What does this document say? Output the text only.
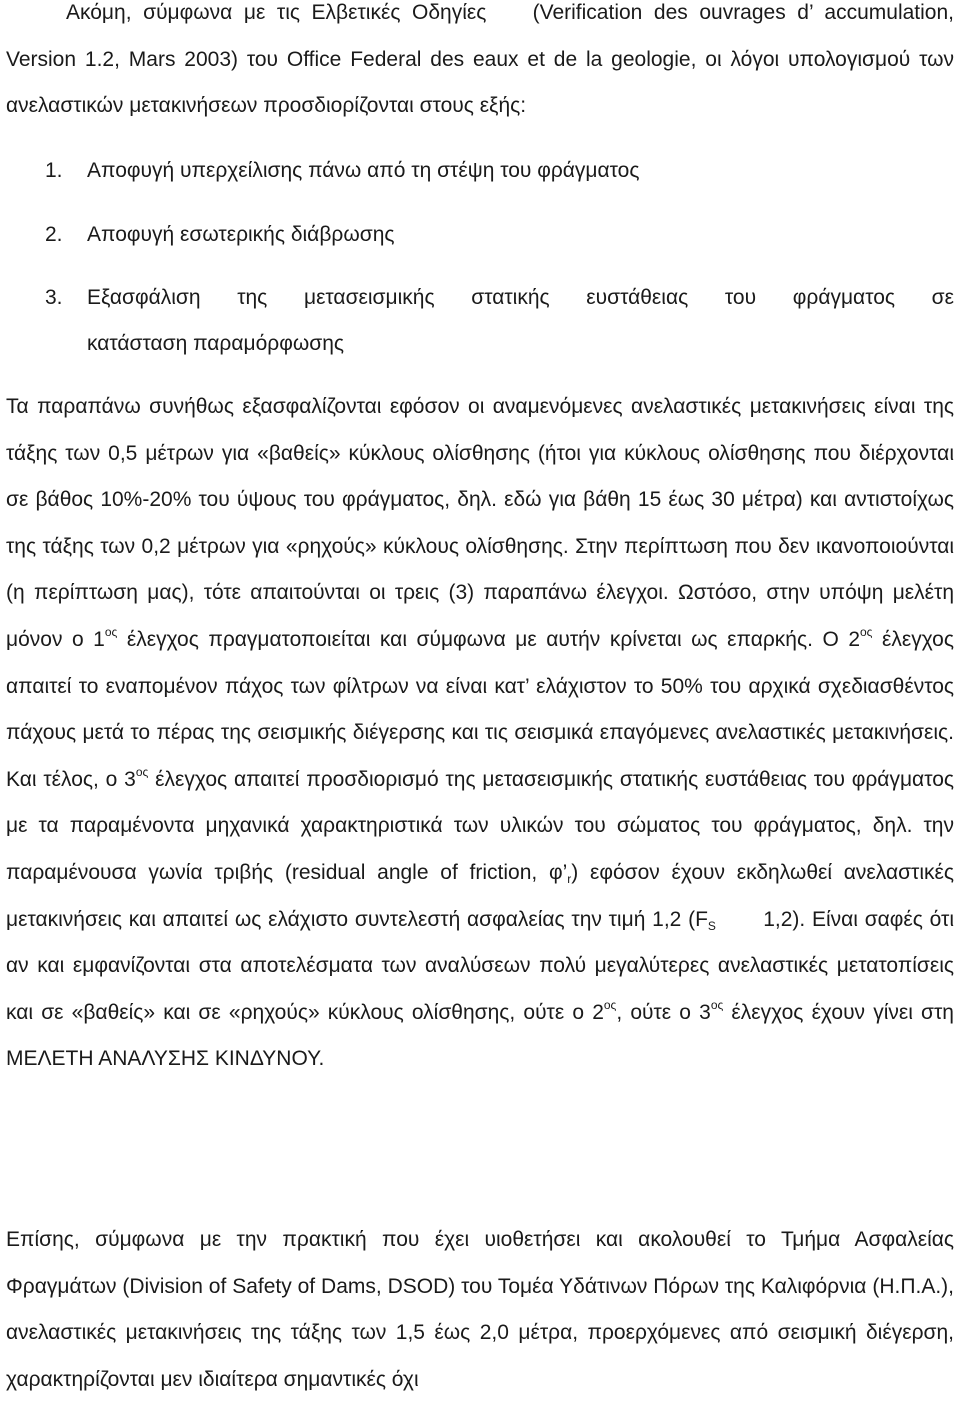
Ακόμη, σύμφωνα με τις Ελβετικές Οδηγίες    (Verification des ouvrages d’ accumulation, Version 1.2, Mars 2003) του Office Federal des eaux et de la geologie, οι λόγοι υπολογισμού των ανελαστικών μετακινήσεων προσδιορίζονται στους εξής:

1. Αποφυγή υπερχείλισης πάνω από τη στέψη του φράγματος
2. Αποφυγή εσωτερικής διάβρωσης
3. Εξασφάλιση της μετασεισμικής στατικής ευστάθειας του φράγματος σε
κατάσταση παραμόρφωσης

Τα παραπάνω συνήθως εξασφαλίζονται εφόσον οι αναμενόμενες ανελαστικές μετακινήσεις είναι της τάξης των 0,5 μέτρων για «βαθείς» κύκλους ολίσθησης (ήτοι για κύκλους ολίσθησης που διέρχονται σε βάθος 10%-20% του ύψους του φράγματος, δηλ. εδώ για βάθη 15 έως 30 μέτρα) και αντιστοίχως της τάξης των 0,2 μέτρων για «ρηχούς» κύκλους ολίσθησης. Στην περίπτωση που δεν ικανοποιούνται (η περίπτωση μας), τότε απαιτούνται οι τρεις (3) παραπάνω έλεγχοι. Ωστόσο, στην υπόψη μελέτη μόνον ο $1^{o\varsigma}$ έλεγχος πραγματοποιείται και σύμφωνα με αυτήν κρίνεται ως επαρκής. Ο $2^{o\varsigma}$ έλεγχος απαιτεί το εναπομένον πάχος των φίλτρων να είναι κατ’ ελάχιστον το 50% του αρχικά σχεδιασθέντος πάχους μετά το πέρας της σεισμικής διέγερσης και τις σεισμικά επαγόμενες ανελαστικές μετακινήσεις. Και τέλος, ο $3^{o\varsigma}$ έλεγχος απαιτεί προσδιορισμό της μετασεισμικής στατικής ευστάθειας του φράγματος με τα παραμένοντα μηχανικά χαρακτηριστικά των υλικών του σώματος του φράγματος, δηλ. την παραμένουσα γωνία τριβής (residual angle of friction, $\varphi’_r$) εφόσον έχουν εκδηλωθεί ανελαστικές μετακινήσεις και απαιτεί ως ελάχιστο συντελεστή ασφαλείας την τιμή 1,2 ($F_S$       1,2). Είναι σαφές ότι αν και εμφανίζονται στα αποτελέσματα των αναλύσεων πολύ μεγαλύτερες ανελαστικές μετατοπίσεις και σε «βαθείς» και σε «ρηχούς» κύκλους ολίσθησης, ούτε ο $2^{o\varsigma}$, ούτε ο $3^{o\varsigma}$ έλεγχος έχουν γίνει στη ΜΕΛΕΤΗ ΑΝΑΛΥΣΗΣ ΚΙΝΔΥΝΟΥ.

Επίσης, σύμφωνα με την πρακτική που έχει υιοθετήσει και ακολουθεί το Τμήμα Ασφαλείας Φραγμάτων (Division of Safety of Dams, DSOD) του Τομέα Υδάτινων Πόρων της Καλιφόρνια (Η.Π.Α.), ανελαστικές μετακινήσεις της τάξης των 1,5 έως 2,0 μέτρα, προερχόμενες από σεισμική διέγερση, χαρακτηρίζονται μεν ιδιαίτερα σημαντικές όχι
